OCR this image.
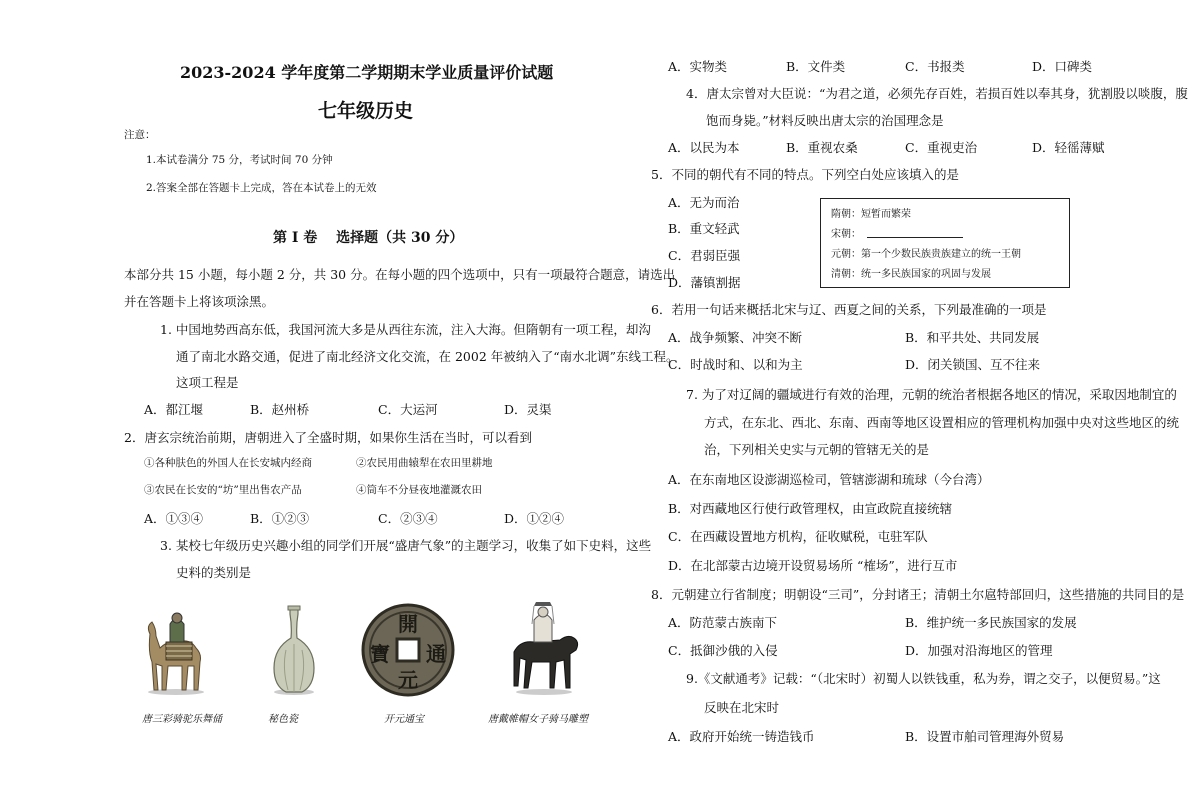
2023-2024 学年度第二学期期末学业质量评价试题
七年级历史
注意：
1.本试卷满分 75 分，考试时间 70 分钟
2.答案全部在答题卡上完成，答在本试卷上的无效
第 I 卷　 选择题（共 30 分）
本部分共 15 小题，每小题 2 分，共 30 分。在每小题的四个选项中，只有一项最符合题意，请选出
并在答题卡上将该项涂黑。
1. 中国地势西高东低，我国河流大多是从西往东流，注入大海。但隋朝有一项工程，却沟
通了南北水路交通，促进了南北经济文化交流，在 2002 年被纳入了“南水北调”东线工程。
这项工程是
A．都江堰	B．赵州桥	C．大运河	D．灵渠
2．唐玄宗统治前期，唐朝进入了全盛时期，如果你生活在当时，可以看到
①各种肤色的外国人在长安城内经商	②农民用曲辕犁在农田里耕地
③农民在长安的“坊”里出售农产品	④筒车不分昼夜地灌溉农田
A．①③④	B．①②③	C．②③④	D．①②④
3. 某校七年级历史兴趣小组的同学们开展“盛唐气象”的主题学习，收集了如下史料，这些
史料的类别是
開
元
通
寶
唐三彩骑驼乐舞俑	秘色瓷	开元通宝	唐戴帷帽女子骑马雕塑
A．实物类	B．文件类	C．书报类	D．口碑类
4．唐太宗曾对大臣说：“为君之道，必须先存百姓，若损百姓以奉其身，犹割股以啖腹，腹
饱而身毙。”材料反映出唐太宗的治国理念是
A．以民为本	B．重视农桑	C．重视吏治	D．轻徭薄赋
5．不同的朝代有不同的特点。下列空白处应该填入的是
A．无为而治
B．重文轻武
C．君弱臣强
D．藩镇割据
隋朝：短暂而繁荣
宋朝：
元朝：第一个少数民族贵族建立的统一王朝
清朝：统一多民族国家的巩固与发展
6．若用一句话来概括北宋与辽、西夏之间的关系，下列最准确的一项是
A．战争频繁、冲突不断	B．和平共处、共同发展
C．时战时和、以和为主	D．闭关锁国、互不往来
7. 为了对辽阔的疆域进行有效的治理，元朝的统治者根据各地区的情况，采取因地制宜的
方式，在东北、西北、东南、西南等地区设置相应的管理机构加强中央对这些地区的统
治，下列相关史实与元朝的管辖无关的是
A．在东南地区设澎湖巡检司，管辖澎湖和琉球（今台湾）
B．对西藏地区行使行政管理权，由宣政院直接统辖
C．在西藏设置地方机构，征收赋税，屯驻军队
D．在北部蒙古边境开设贸易场所 “榷场”，进行互市
8．元朝建立行省制度；明朝设“三司”，分封诸王；清朝土尔扈特部回归，这些措施的共同目的是
A．防范蒙古族南下	B．维护统一多民族国家的发展
C．抵御沙俄的入侵	D．加强对沿海地区的管理
9.《文献通考》记载：“（北宋时）初蜀人以铁钱重，私为券，谓之交子，以便贸易。”这
反映在北宋时
A．政府开始统一铸造钱币	B．设置市舶司管理海外贸易
